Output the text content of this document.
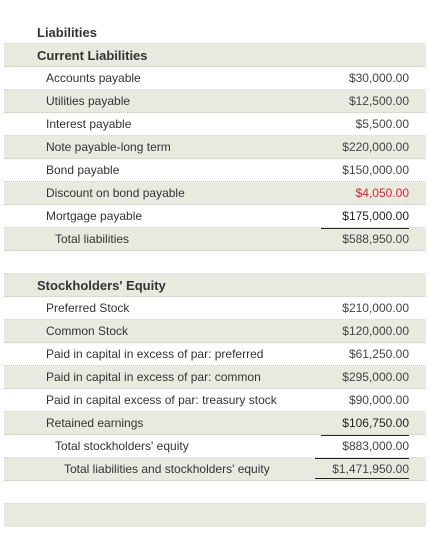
Liabilities
Current Liabilities
Accounts payable	$30,000.00
Utilities payable	$12,500.00
Interest payable	$5,500.00
Note payable-long term	$220,000.00
Bond payable	$150,000.00
Discount on bond payable	$4,050.00
Mortgage payable	$175,000.00
Total liabilities	$588,950.00
Stockholders' Equity
Preferred Stock	$210,000.00
Common Stock	$120,000.00
Paid in capital in excess of par: preferred	$61,250.00
Paid in capital in excess of par: common	$295,000.00
Paid in capital excess of par: treasury stock	$90,000.00
Retained earnings	$106,750.00
Total stockholders' equity	$883,000.00
Total liabilities and stockholders' equity	$1,471,950.00
